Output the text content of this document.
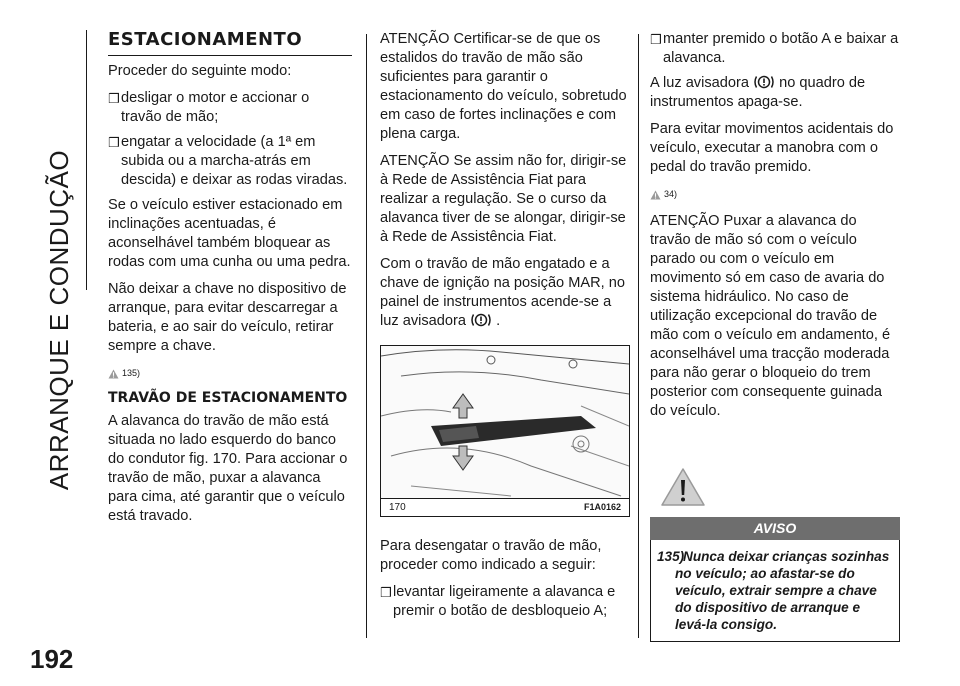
ARRANQUE E CONDUÇÃO
192
ESTACIONAMENTO

Proceder do seguinte modo:

❒ desligar o motor e accionar o travão de mão;
❒ engatar a velocidade (a 1ª em subida ou a marcha-atrás em descida) e deixar as rodas viradas.

Se o veículo estiver estacionado em inclinações acentuadas, é aconselhável também bloquear as rodas com uma cunha ou uma pedra.

Não deixar a chave no dispositivo de arranque, para evitar descarregar a bateria, e ao sair do veículo, retirar sempre a chave.

135)
TRAVÃO DE ESTACIONAMENTO

A alavanca do travão de mão está situada no lado esquerdo do banco do condutor fig. 170. Para accionar o travão de mão, puxar a alavanca para cima, até garantir que o veículo está travado.

ATENÇÃO Certificar-se de que os estalidos do travão de mão são suficientes para garantir o estacionamento do veículo, sobretudo em caso de fortes inclinações e com plena carga.

ATENÇÃO Se assim não for, dirigir-se à Rede de Assistência Fiat para realizar a regulação. Se o curso da alavanca tiver de se alongar, dirigir-se à Rede de Assistência Fiat.

Com o travão de mão engatado e a chave de ignição na posição MAR, no painel de instrumentos acende-se a luz avisadora .

170	F1A0162

Para desengatar o travão de mão, proceder como indicado a seguir:

❒ levantar ligeiramente a alavanca e premir o botão de desbloqueio A;
❒ manter premido o botão A e baixar a alavanca.

A luz avisadora no quadro de instrumentos apaga-se.

Para evitar movimentos acidentais do veículo, executar a manobra com o pedal do travão premido.

34)

ATENÇÃO Puxar a alavanca do travão de mão só com o veículo parado ou com o veículo em movimento só em caso de avaria do sistema hidráulico. No caso de utilização excepcional do travão de mão com o veículo em andamento, é aconselhável uma tracção moderada para não gerar o bloqueio do trem posterior com consequente guinada do veículo.

AVISO
135)Nunca deixar crianças sozinhas
no veículo; ao afastar-se do veículo, extrair sempre a chave do dispositivo de arranque e levá-la consigo.
